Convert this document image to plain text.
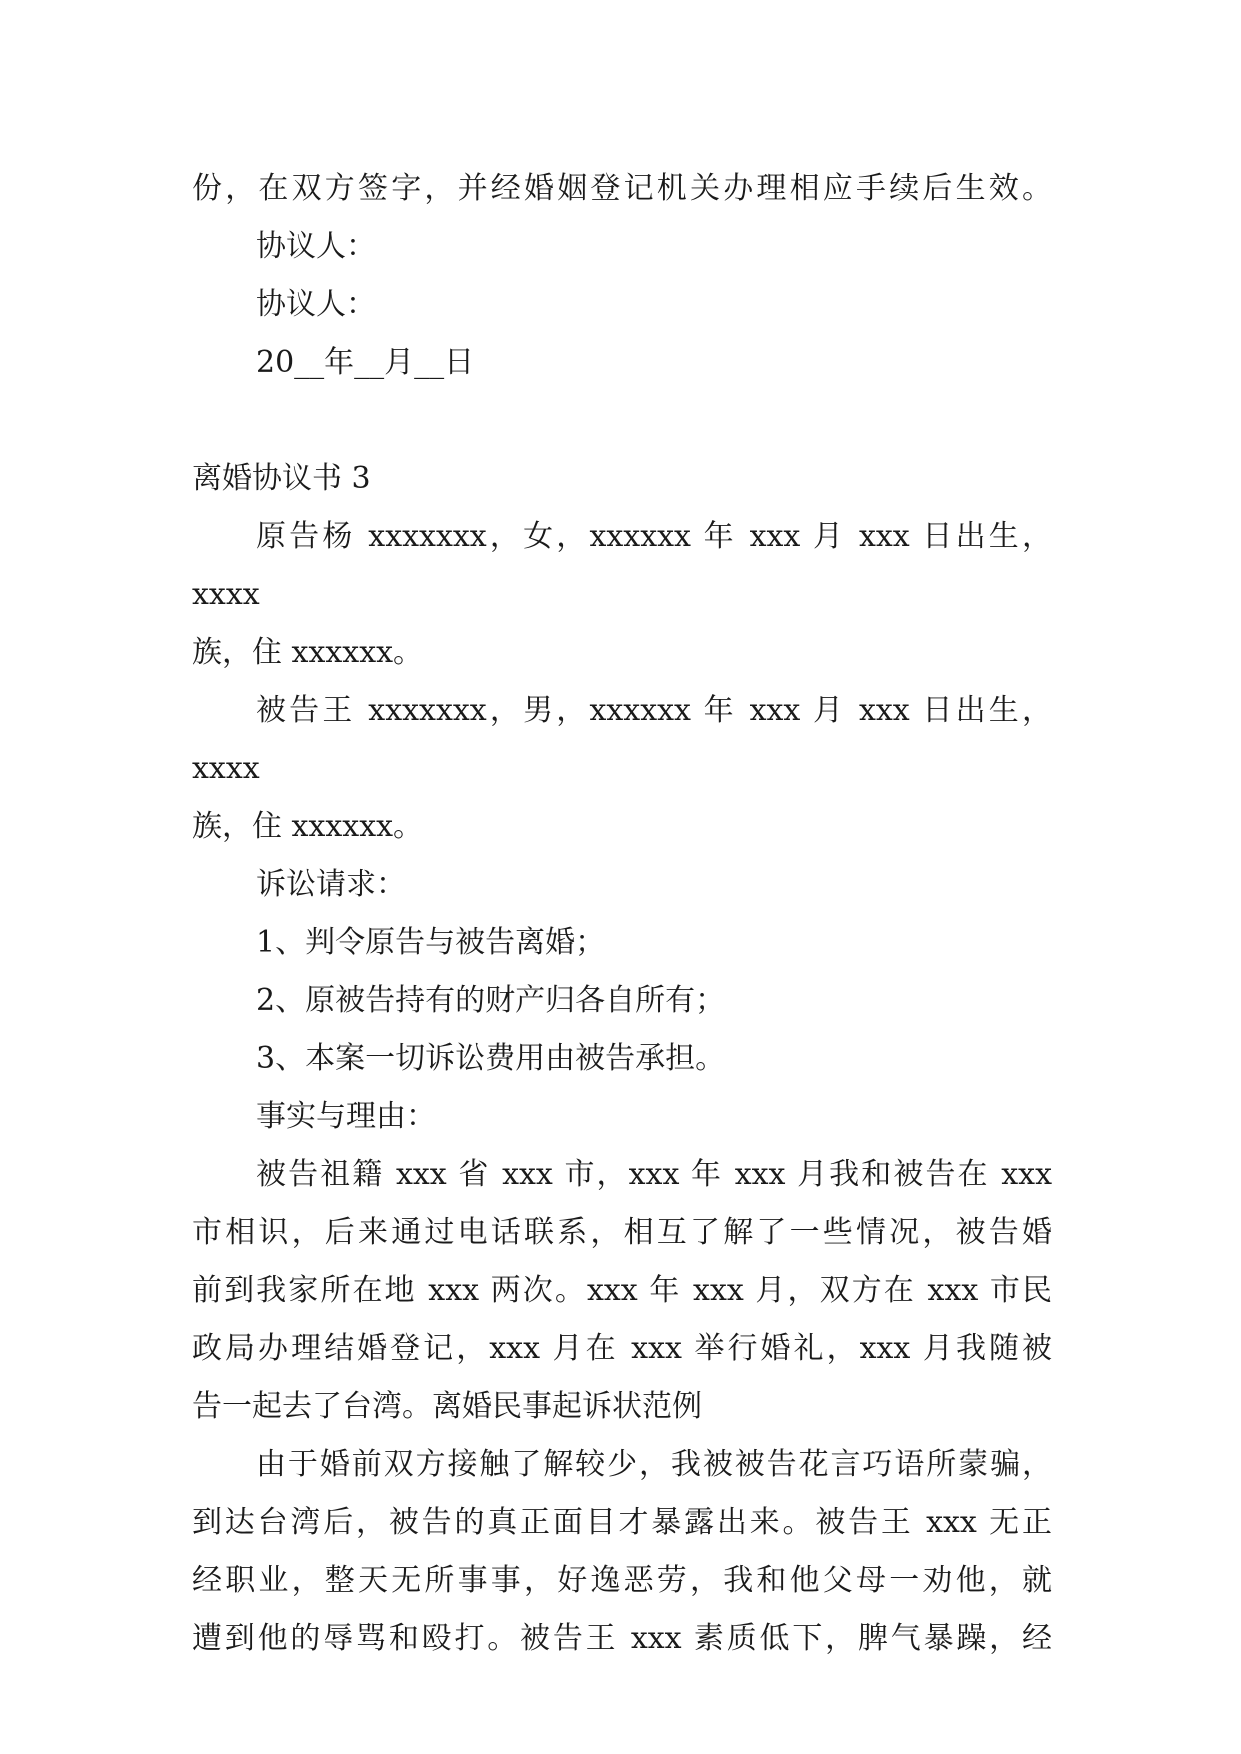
份，在双方签字，并经婚姻登记机关办理相应手续后生效。
协议人：
协议人：
20__年__月__日
离婚协议书 3
原告杨 xxxxxxx，女，xxxxxx 年 xxx 月 xxx 日出生，xxxx
族，住 xxxxxx。
被告王 xxxxxxx，男，xxxxxx 年 xxx 月 xxx 日出生，xxxx
族，住 xxxxxx。
诉讼请求：
1、判令原告与被告离婚；
2、原被告持有的财产归各自所有；
3、本案一切诉讼费用由被告承担。
事实与理由：
被告祖籍 xxx 省 xxx 市，xxx 年 xxx 月我和被告在 xxx
市相识，后来通过电话联系，相互了解了一些情况，被告婚
前到我家所在地 xxx 两次。xxx 年 xxx 月，双方在 xxx 市民
政局办理结婚登记，xxx 月在 xxx 举行婚礼，xxx 月我随被
告一起去了台湾。离婚民事起诉状范例
由于婚前双方接触了解较少，我被被告花言巧语所蒙骗，
到达台湾后，被告的真正面目才暴露出来。被告王 xxx 无正
经职业，整天无所事事，好逸恶劳，我和他父母一劝他，就
遭到他的辱骂和殴打。被告王 xxx 素质低下，脾气暴躁，经
